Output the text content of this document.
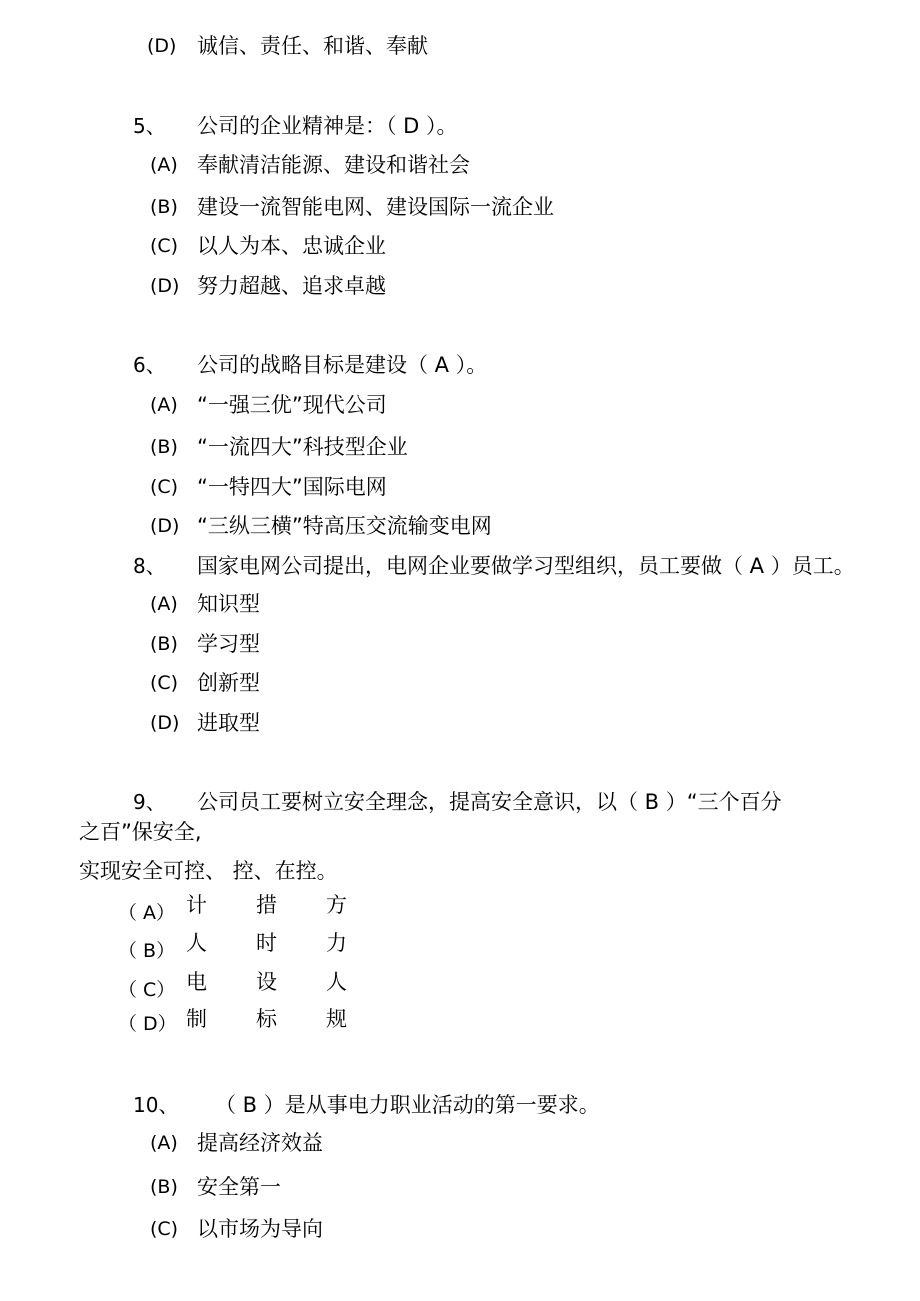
(D) 诚信、责任、和谐、奉献
5、 公司的企业精神是：（ D ）。
(A) 奉献清洁能源、建设和谐社会
(B) 建设一流智能电网、建设国际一流企业
(C) 以人为本、忠诚企业
(D) 努力超越、追求卓越
6、 公司的战略目标是建设（ A ）。
(A) “一强三优”现代公司
(B) “一流四大”科技型企业
(C) “一特四大”国际电网
(D) “三纵三横”特高压交流输变电网
8、 国家电网公司提出，电网企业要做学习型组织，员工要做（ A ）员工。
(A) 知识型
(B) 学习型
(C) 创新型
(D) 进取型
9、 公司员工要树立安全理念，提高安全意识，以（ B ）“三个百分
之百”保安全,
实现安全可控、 控、在控。
（ A） 计 措 方
（ B） 人 时 力
（ C） 电 设 人
（ D） 制 标 规
10、 （ B ）是从事电力职业活动的第一要求。
(A) 提高经济效益
(B) 安全第一
(C) 以市场为导向
